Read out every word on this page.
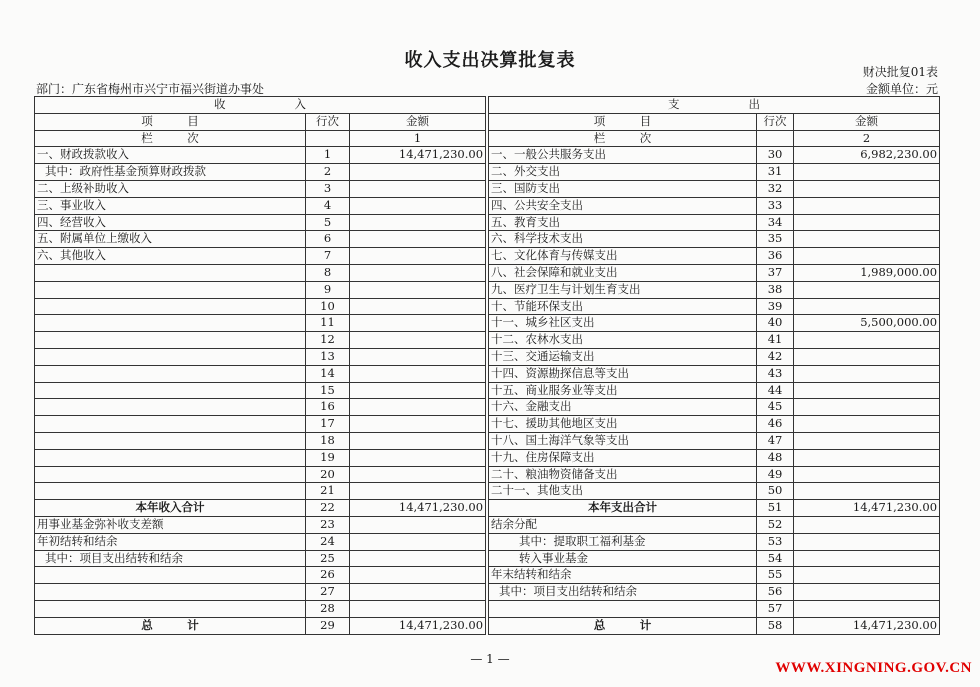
收入支出决算批复表
部门：广东省梅州市兴宁市福兴街道办事处
财决批复01表
金额单位：元
收　　　　　　入				支　　　　　　出		
项　　　目	行次	金额		项　　　目	行次	金额
栏　　　次		1		栏　　　次		2
一、财政拨款收入	1	14,471,230.00		一、一般公共服务支出	30	6,982,230.00
其中：政府性基金预算财政拨款	2			二、外交支出	31	
二、上级补助收入	3			三、国防支出	32	
三、事业收入	4			四、公共安全支出	33	
四、经营收入	5			五、教育支出	34	
五、附属单位上缴收入	6			六、科学技术支出	35	
六、其他收入	7			七、文化体育与传媒支出	36	
	8			八、社会保障和就业支出	37	1,989,000.00
	9			九、医疗卫生与计划生育支出	38	
	10			十、节能环保支出	39	
	11			十一、城乡社区支出	40	5,500,000.00
	12			十二、农林水支出	41	
	13			十三、交通运输支出	42	
	14			十四、资源勘探信息等支出	43	
	15			十五、商业服务业等支出	44	
	16			十六、金融支出	45	
	17			十七、援助其他地区支出	46	
	18			十八、国土海洋气象等支出	47	
	19			十九、住房保障支出	48	
	20			二十、粮油物资储备支出	49	
	21			二十一、其他支出	50	
本年收入合计	22	14,471,230.00		本年支出合计	51	14,471,230.00
用事业基金弥补收支差额	23			结余分配	52	
年初结转和结余	24			其中：提取职工福利基金	53	
其中：项目支出结转和结余	25			转入事业基金	54	
	26			年末结转和结余	55	
	27			其中：项目支出结转和结余	56	
	28				57	
总　　　计	29	14,471,230.00		总　　　计	58	14,471,230.00
— 1 —
WWW.XINGNING.GOV.CN
